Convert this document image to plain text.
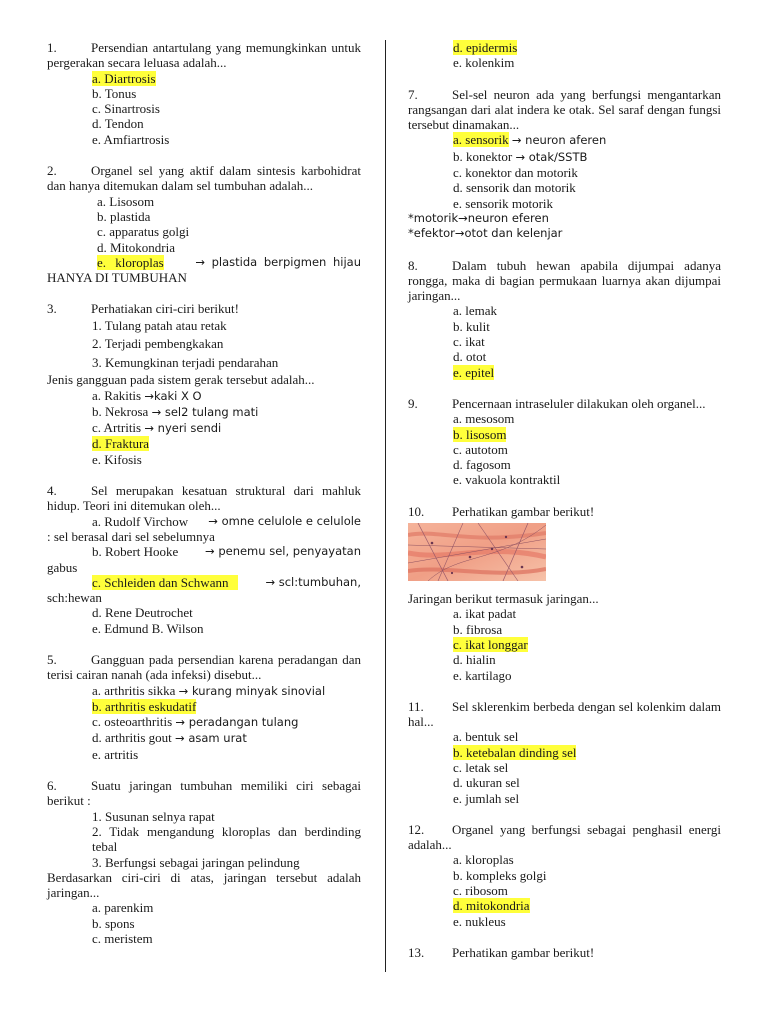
1.	Persendian antartulang yang memungkinkan untuk pergerakan secara leluasa adalah...
a. Diartrosis
b. Tonus
c. Sinartrosis
d. Tendon
e. Amfiartrosis
2.	Organel sel yang aktif dalam sintesis karbohidrat dan hanya ditemukan dalam sel tumbuhan adalah...
a. Lisosom
b. plastida
c. apparatus golgi
d. Mitokondria
e. kloroplas	→ plastida berpigmen hijau
HANYA DI TUMBUHAN
3.	Perhatiakan ciri-ciri berikut!
1. Tulang patah atau retak
2. Terjadi pembengkakan
3. Kemungkinan terjadi pendarahan
Jenis gangguan pada sistem gerak tersebut adalah...
a. Rakitis →kaki X O
b. Nekrosa → sel2 tulang mati
c. Artritis → nyeri sendi
d. Fraktura
e. Kifosis
4.	Sel merupakan kesatuan struktural dari mahluk hidup. Teori ini ditemukan oleh...
a. Rudolf Virchow → omne celulole e celulole
: sel berasal dari sel sebelumnya
b. Robert Hooke → penemu sel, penyayatan
gabus
c. Schleiden dan Schwann	→ scl:tumbuhan,
sch:hewan
d. Rene Deutrochet
e. Edmund B. Wilson
5.	Gangguan pada persendian karena peradangan dan terisi cairan nanah (ada infeksi) disebut...
a. arthritis sikka → kurang minyak sinovial
b. arthritis eskudatif
c. osteoarthritis → peradangan tulang
d. arthritis gout → asam urat
e. artritis
6.	Suatu jaringan tumbuhan memiliki ciri sebagai berikut :
1. Susunan selnya rapat
2. Tidak mengandung kloroplas dan berdinding tebal
3. Berfungsi sebagai jaringan pelindung
Berdasarkan ciri-ciri di atas, jaringan tersebut adalah jaringan...
a. parenkim
b. spons
c. meristem
d. epidermis
e. kolenkim
7.	Sel-sel neuron ada yang berfungsi mengantarkan rangsangan dari alat indera ke otak. Sel saraf dengan fungsi tersebut dinamakan...
a. sensorik → neuron aferen
b. konektor → otak/SSTB
c. konektor dan motorik
d. sensorik dan motorik
e. sensorik motorik
*motorik→neuron eferen
*efektor→otot dan kelenjar
8.	Dalam tubuh hewan apabila dijumpai adanya rongga, maka di bagian permukaan luarnya akan dijumpai jaringan...
a. lemak
b. kulit
c. ikat
d. otot
e. epitel
9.	Pencernaan intraseluler dilakukan oleh organel...
a. mesosom
b. lisosom
c. autotom
d. fagosom
e. vakuola kontraktil
10. Perhatikan gambar berikut!
Jaringan berikut termasuk jaringan...
a. ikat padat
b. fibrosa
c. ikat longgar
d. hialin
e. kartilago
11. Sel sklerenkim berbeda dengan sel kolenkim dalam hal...
a. bentuk sel
b. ketebalan dinding sel
c. letak sel
d. ukuran sel
e. jumlah sel
12. Organel yang berfungsi sebagai penghasil energi adalah...
a. kloroplas
b. kompleks golgi
c. ribosom
d. mitokondria
e. nukleus
13. Perhatikan gambar berikut!
